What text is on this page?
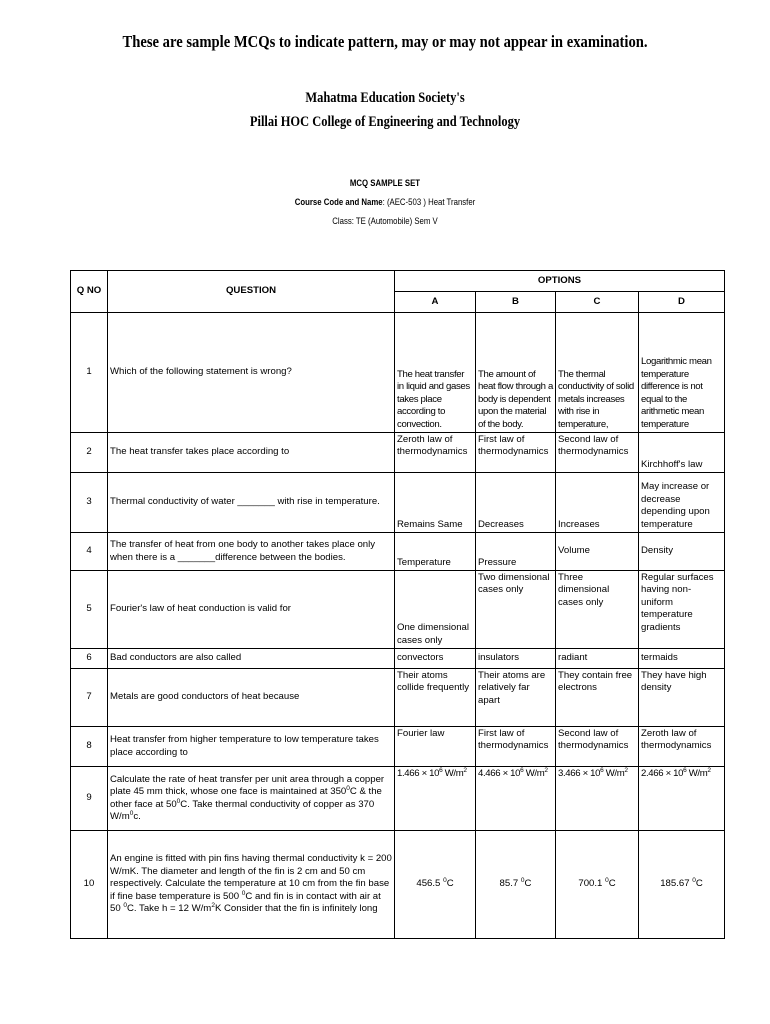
These are sample MCQs to indicate pattern, may or may not appear in examination.
Mahatma Education Society's
Pillai HOC College of Engineering and Technology
MCQ SAMPLE SET
Course Code and Name: (AEC-503 ) Heat Transfer
Class: TE (Automobile) Sem V
Q NO	QUESTION	OPTIONS			
		A	B	C	D
1	Which of the following statement is wrong?	The heat transfer in liquid and gases takes place according to convection.	The amount of heat flow through a body is dependent upon the material of the body.	The thermal conductivity of solid metals increases with rise in temperature,	Logarithmic mean temperature difference is not equal to the arithmetic mean temperature
2	The heat transfer takes place according to	Zeroth law of thermodynamics	First law of thermodynamics	Second law of thermodynamics	Kirchhoff's law
3	Thermal conductivity of water _______ with rise in temperature.	Remains Same	Decreases	Increases	May increase or decrease depending upon temperature
4	The transfer of heat from one body to another takes place only when there is a _______difference between the bodies.	Temperature	Pressure	Volume	Density
5	Fourier's law of heat conduction is valid for	One dimensional cases only	Two dimensional cases only	Three dimensional cases only	Regular surfaces having non-uniform temperature gradients
6	Bad conductors are also called	convectors	insulators	radiant	termaids
7	Metals are good conductors of heat because	Their atoms collide frequently	Their atoms are relatively far apart	They contain free electrons	They have high density
8	Heat transfer from higher temperature to low temperature takes place according to	Fourier law	First law of thermodynamics	Second law of thermodynamics	Zeroth law of thermodynamics
9	Calculate the rate of heat transfer per unit area through a copper plate 45 mm thick, whose one face is maintained at $350^0C$ & the other face at $50^0C$. Take thermal conductivity of copper as 370 $W/m^0c$.	$1.466 \times 10^6$ $W/m^2$	$4.466 \times 10^6$ $W/m^2$	$3.466 \times 10^6$ $W/m^2$	$2.466 \times 10^6$ $W/m^2$
10	An engine is fitted with pin fins having thermal conductivity k = 200 W/mK. The diameter and length of the fin is 2 cm and 50 cm respectively. Calculate the temperature at 10 cm from the fin base if fine base temperature is 500 $^0$C and fin is in contact with air at 50 $^0$C. Take h = 12 $W/m^2K$ Consider that the fin is infinitely long	456.5 $^0$C	85.7 $^0$C	700.1 $^0$C	185.67 $^0$C
